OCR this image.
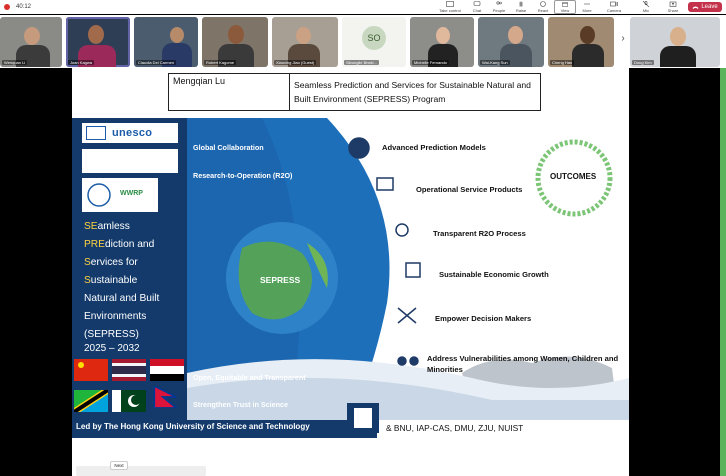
40:12
Take control	Chat	People	Raise	React	View	More	Camera	Mic	Share
Leave
Wenquan Li	Joan Kagwa	Claudia Del Carmen	Robert Kagome	Xiaoxing Jiao (Guest)
SO
Sibongile Bheki...	Michelle Fernando	Wai-Kang Sun	Cheng Han
›
Doug Kim
Mengqian Lu	Seamless Prediction and Services for Sustainable Natural and Built Environment (SEPRESS) Program
unesco
WWRP
SEamless
PREdiction and
Services for
Sustainable
Natural and Built
Environments
(SEPRESS)
2025 – 2032
Global Collaboration
Research-to-Operation (R2O)
SEPRESS
Open, Equitable and Transparent
Strengthen Trust in Science
Advanced Prediction Models
Operational Service Products
Transparent R2O Process
Sustainable Economic Growth
Empower Decision Makers
Address Vulnerabilities among Women, Children and Minorities
OUTCOMES
Led by The Hong Kong University of Science and Technology	& BNU, IAP-CAS, DMU, ZJU, NUIST
Next
